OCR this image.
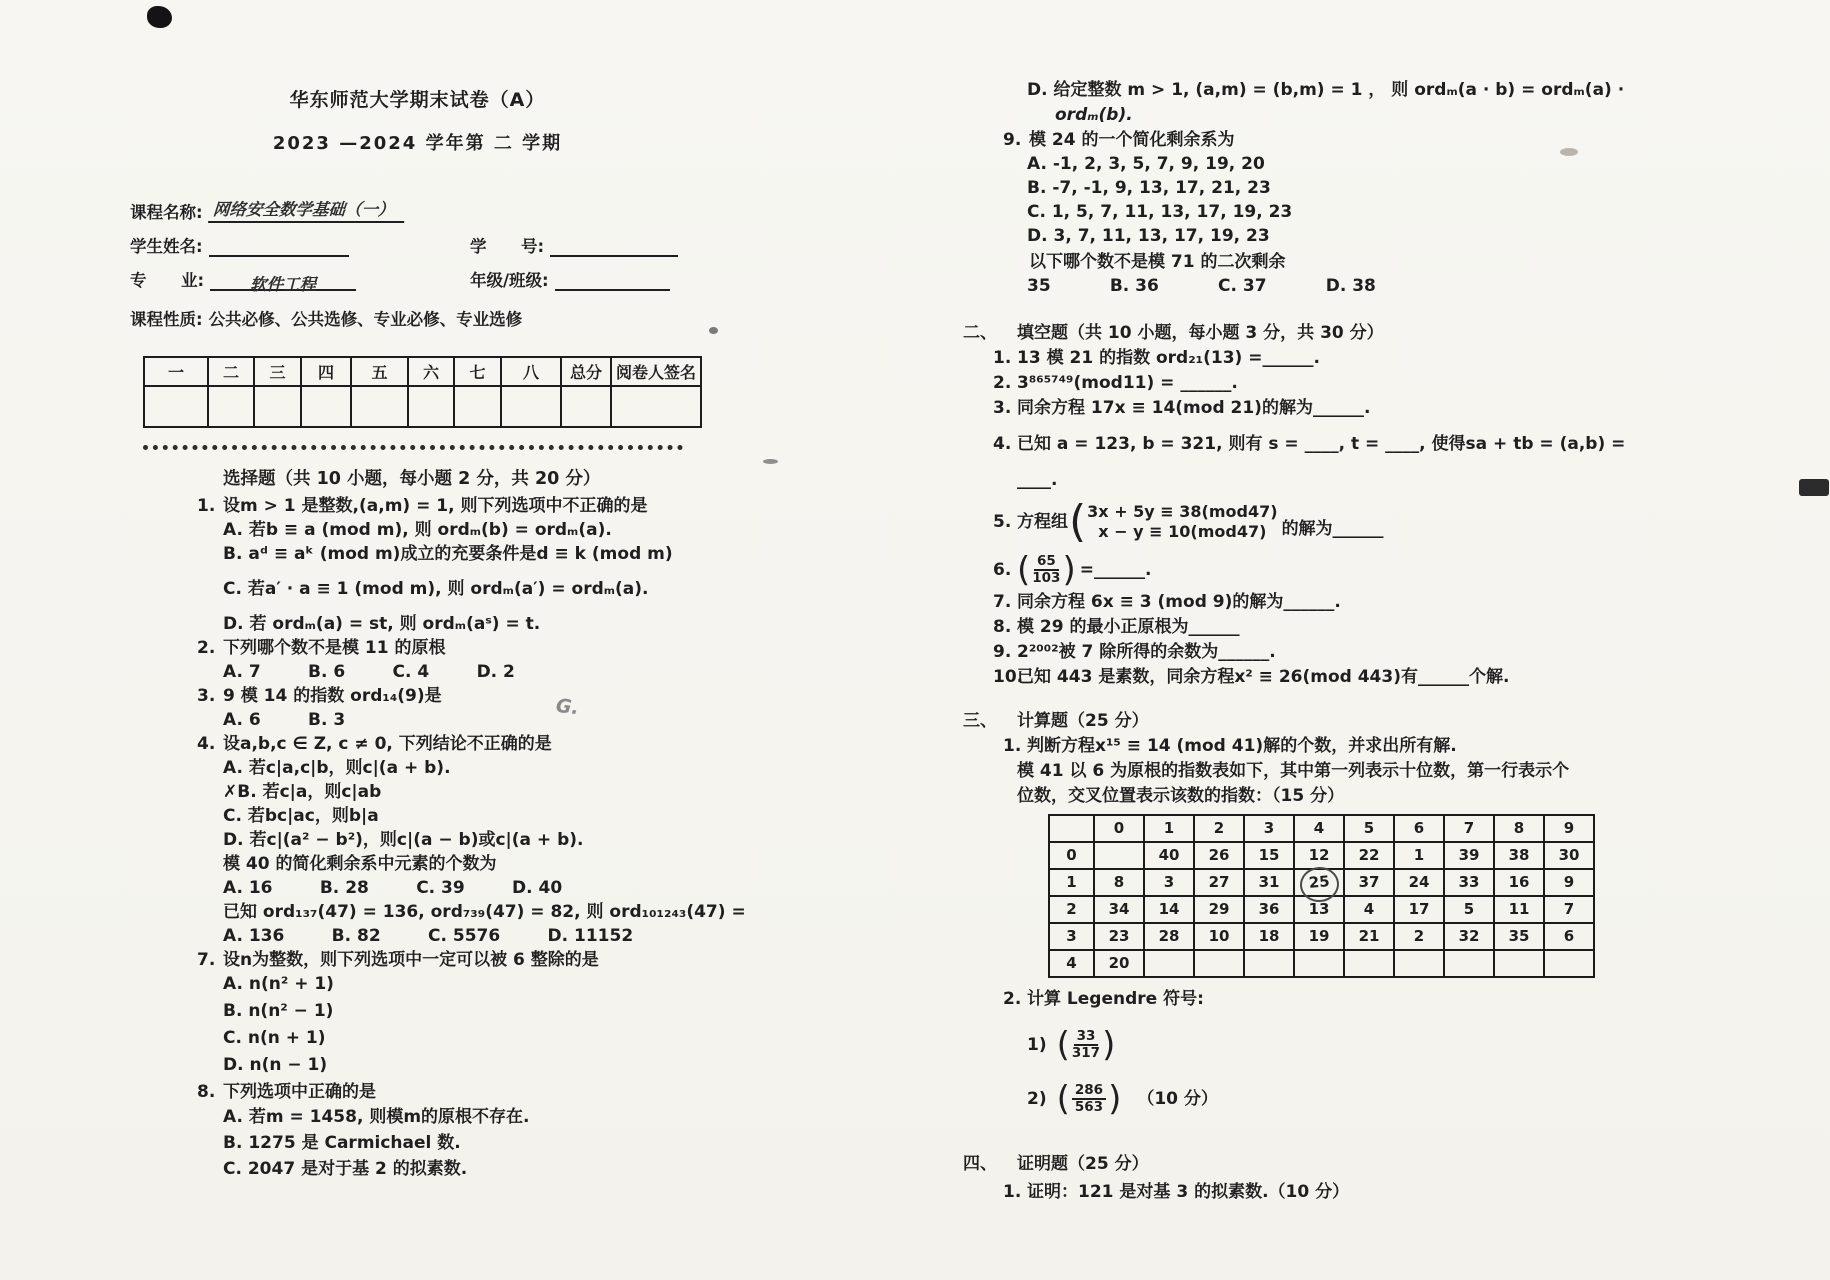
G.
华东师范大学期末试卷（A）
2023 —2024 学年第 二 学期
课程名称: 网络安全数学基础（一）
学生姓名:	学      号:
专      业:	软件工程	年级/班级:
课程性质: 公共必修、公共选修、专业必修、专业选修
一	二	三	四	五	六	七	八	总分	阅卷人签名

选择题（共 10 小题，每小题 2 分，共 20 分）
1. 设m > 1 是整数,(a,m) = 1, 则下列选项中不正确的是
A. 若b ≡ a (mod m), 则 ordₘ(b) = ordₘ(a).
B. aᵈ ≡ aᵏ (mod m)成立的充要条件是d ≡ k (mod m)
C. 若a′ · a ≡ 1 (mod m), 则 ordₘ(a′) = ordₘ(a).
D. 若 ordₘ(a) = st, 则 ordₘ(aˢ) = t.
2. 下列哪个数不是模 11 的原根
A. 7        B. 6        C. 4        D. 2
3. 9 模 14 的指数 ord₁₄(9)是
A. 6        B. 3
4. 设a,b,c ∈ Z, c ≠ 0, 下列结论不正确的是
A. 若c|a,c|b，则c|(a + b).
✗B. 若c|a，则c|ab
C. 若bc|ac，则b|a
D. 若c|(a² − b²)，则c|(a − b)或c|(a + b).
模 40 的简化剩余系中元素的个数为
A. 16        B. 28        C. 39        D. 40
已知 ord₁₃₇(47) = 136, ord₇₃₉(47) = 82, 则 ord₁₀₁₂₄₃(47) =
A. 136        B. 82        C. 5576        D. 11152
7. 设n为整数，则下列选项中一定可以被 6 整除的是
A. n(n² + 1)
B. n(n² − 1)
C. n(n + 1)
D. n(n − 1)
8. 下列选项中正确的是
A. 若m = 1458, 则模m的原根不存在.
B. 1275 是 Carmichael 数.
C. 2047 是对于基 2 的拟素数.
D. 给定整数 m > 1, (a,m) = (b,m) = 1 ， 则 ordₘ(a · b) = ordₘ(a) ·
ordₘ(b).
9. 模 24 的一个简化剩余系为
A. -1, 2, 3, 5, 7, 9, 19, 20
B. -7, -1, 9, 13, 17, 21, 23
C. 1, 5, 7, 11, 13, 17, 19, 23
D. 3, 7, 11, 13, 17, 19, 23
以下哪个数不是模 71 的二次剩余
35          B. 36          C. 37          D. 38
二、	填空题（共 10 小题，每小题 3 分，共 30 分）
1. 13 模 21 的指数 ord₂₁(13) =______.
2. 3⁸⁶⁵⁷⁴⁹(mod11) = ______.
3. 同余方程 17x ≡ 14(mod 21)的解为______.
4. 已知 a = 123, b = 321, 则有 s = ____, t = ____, 使得sa + tb = (a,b) =
____.
5. 方程组 ( 3x + 5y ≡ 38(mod47)
x − y ≡ 10(mod47) 的解为______
6. ( $\frac{65}{103}$ ) =______.
7. 同余方程 6x ≡ 3 (mod 9)的解为______.
8. 模 29 的最小正原根为______
9. 2²⁰⁰²被 7 除所得的余数为______.
10.
已知 443 是素数，同余方程x² ≡ 26(mod 443)有______个解.
三、	计算题（25 分）
1. 判断方程x¹⁵ ≡ 14 (mod 41)解的个数，并求出所有解.
模 41 以 6 为原根的指数表如下，其中第一列表示十位数，第一行表示个
位数，交叉位置表示该数的指数：（15 分）
	0	1	2	3	4	5	6	7	8	9
0		40	26	15	12	22	1	39	38	30
1	8	3	27	31	25	37	24	33	16	9
2	34	14	29	36	13	4	17	5	11	7
3	23	28	10	18	19	21	2	32	35	6
4	20									
2. 计算 Legendre 符号:
1) ( $\frac{33}{317}$ )
2) ( $\frac{286}{563}$ ) （10 分）
四、	证明题（25 分）
1. 证明：121 是对基 3 的拟素数.（10 分）
